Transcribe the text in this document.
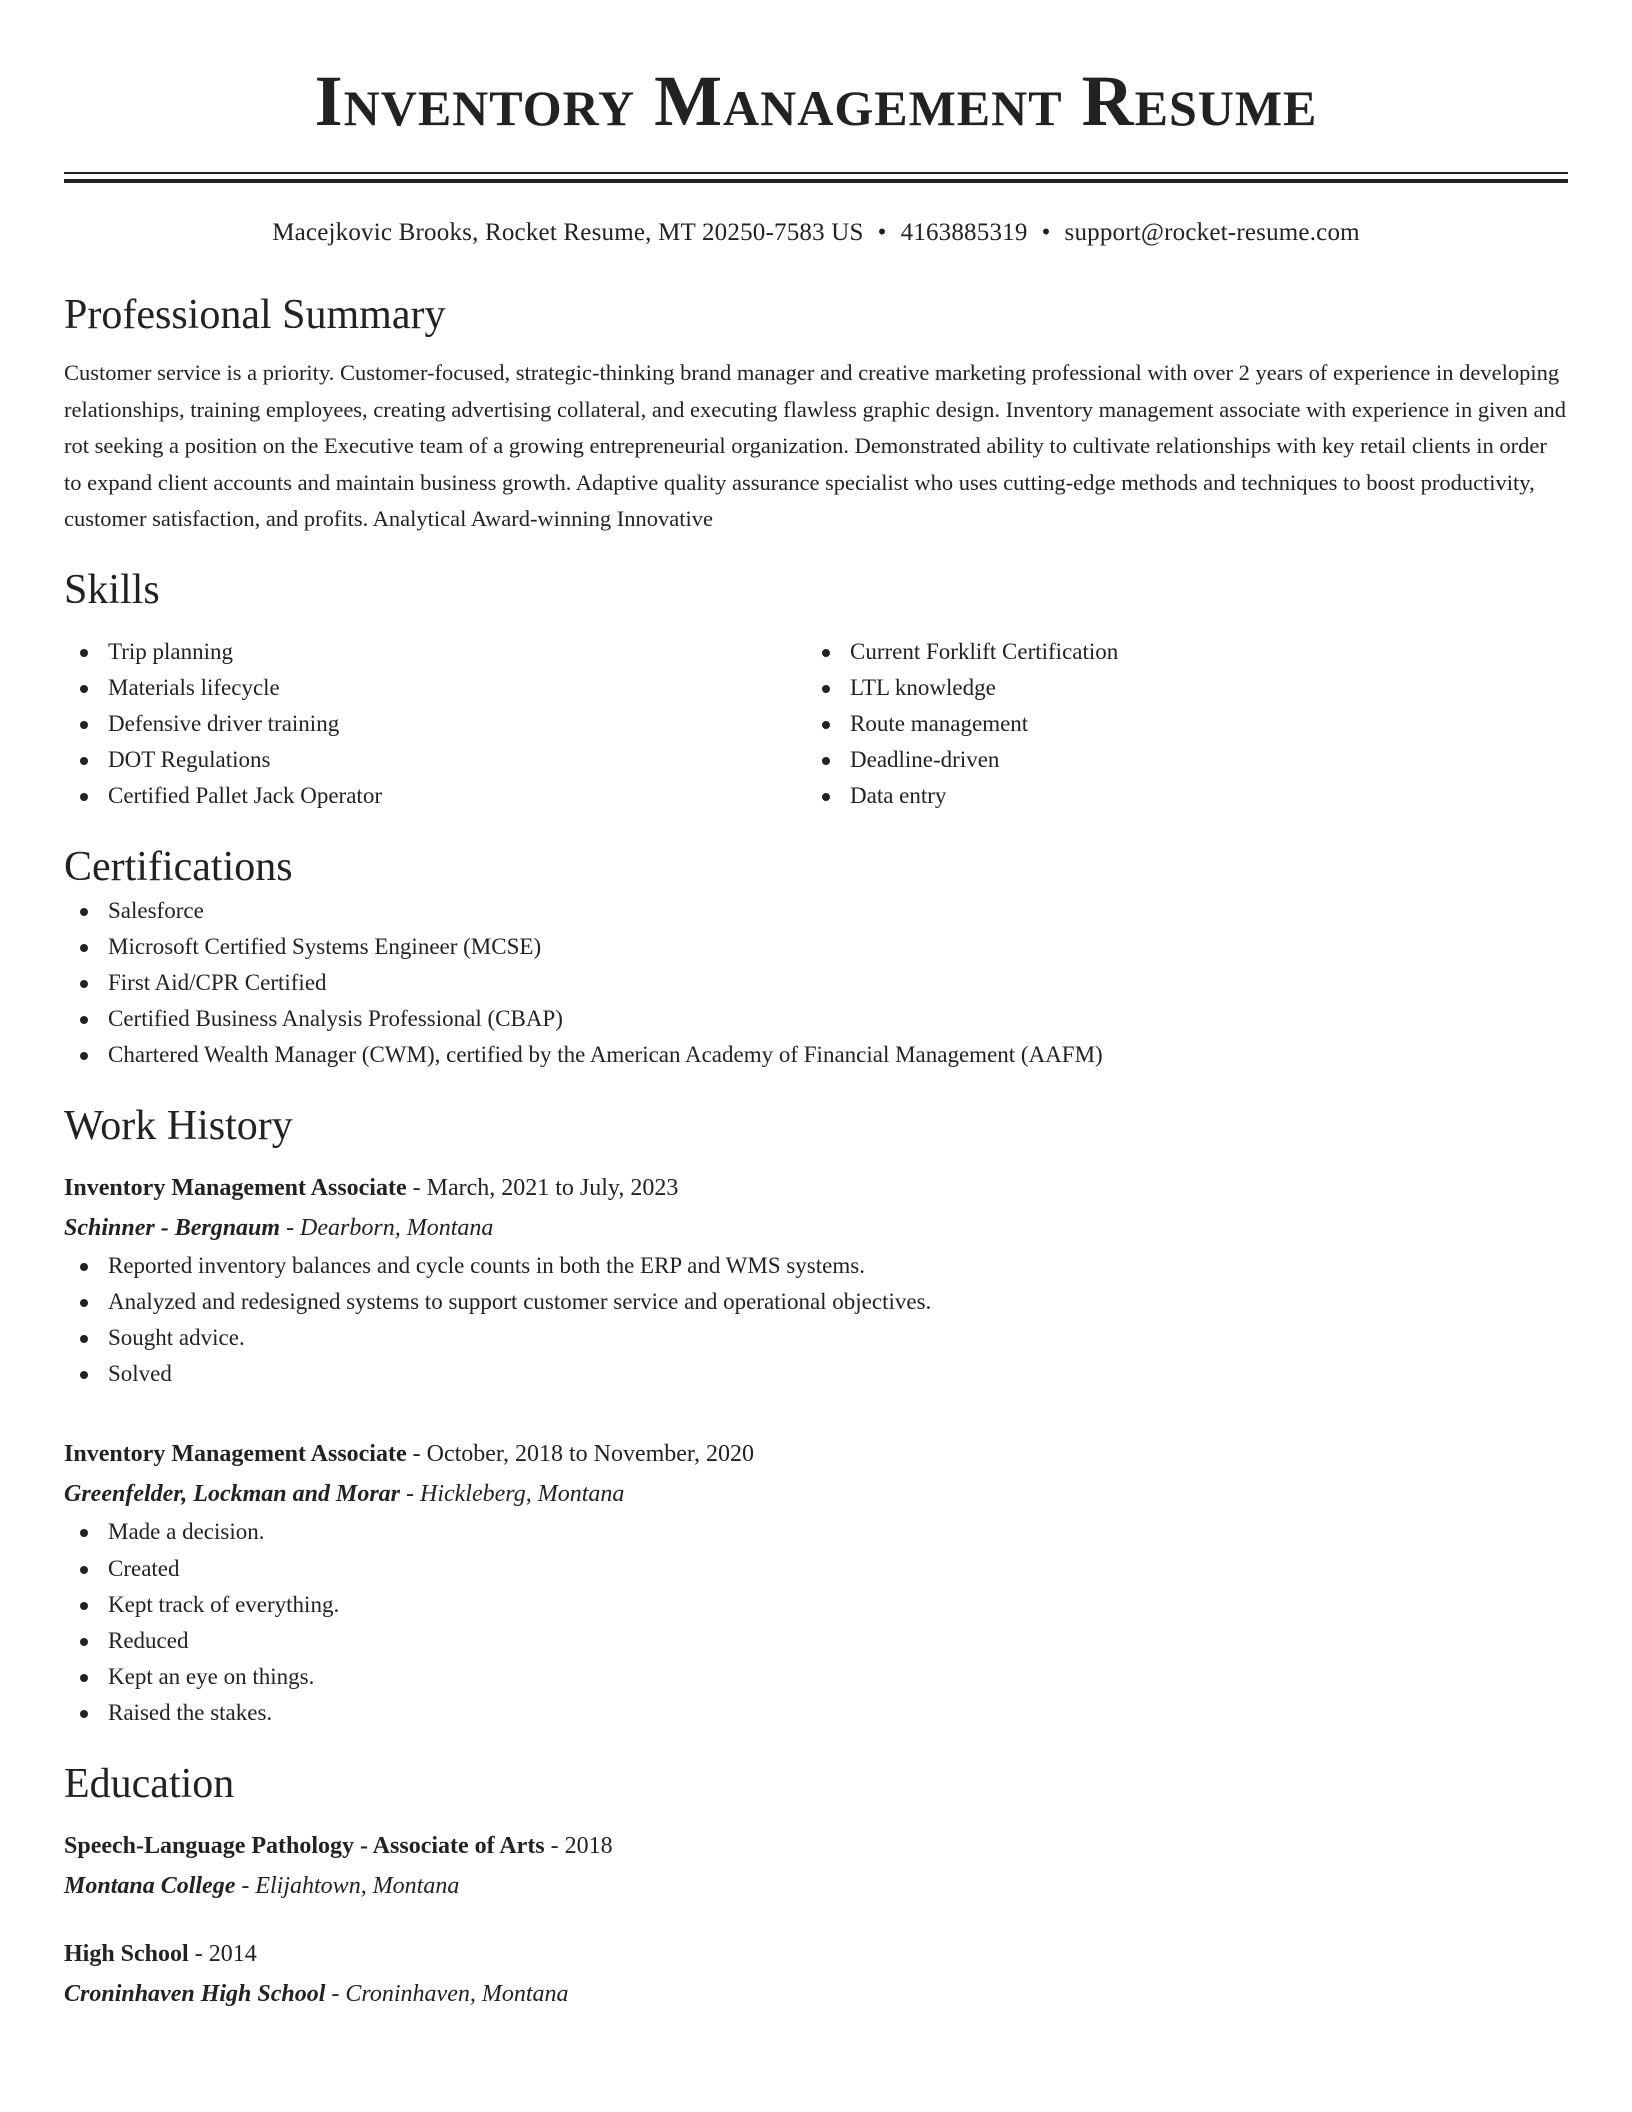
Inventory Management Resume
Macejkovic Brooks, Rocket Resume, MT 20250-7583 US • 4163885319 • support@rocket-resume.com
Professional Summary
Customer service is a priority. Customer-focused, strategic-thinking brand manager and creative marketing professional with over 2 years of experience in developing relationships, training employees, creating advertising collateral, and executing flawless graphic design. Inventory management associate with experience in given and rot seeking a position on the Executive team of a growing entrepreneurial organization. Demonstrated ability to cultivate relationships with key retail clients in order to expand client accounts and maintain business growth. Adaptive quality assurance specialist who uses cutting-edge methods and techniques to boost productivity, customer satisfaction, and profits. Analytical Award-winning Innovative
Skills
Trip planning
Materials lifecycle
Defensive driver training
DOT Regulations
Certified Pallet Jack Operator
Current Forklift Certification
LTL knowledge
Route management
Deadline-driven
Data entry
Certifications
Salesforce
Microsoft Certified Systems Engineer (MCSE)
First Aid/CPR Certified
Certified Business Analysis Professional (CBAP)
Chartered Wealth Manager (CWM), certified by the American Academy of Financial Management (AAFM)
Work History
Inventory Management Associate - March, 2021 to July, 2023
Schinner - Bergnaum - Dearborn, Montana
Reported inventory balances and cycle counts in both the ERP and WMS systems.
Analyzed and redesigned systems to support customer service and operational objectives.
Sought advice.
Solved
Inventory Management Associate - October, 2018 to November, 2020
Greenfelder, Lockman and Morar - Hickleberg, Montana
Made a decision.
Created
Kept track of everything.
Reduced
Kept an eye on things.
Raised the stakes.
Education
Speech-Language Pathology - Associate of Arts - 2018
Montana College - Elijahtown, Montana
High School - 2014
Croninhaven High School - Croninhaven, Montana
